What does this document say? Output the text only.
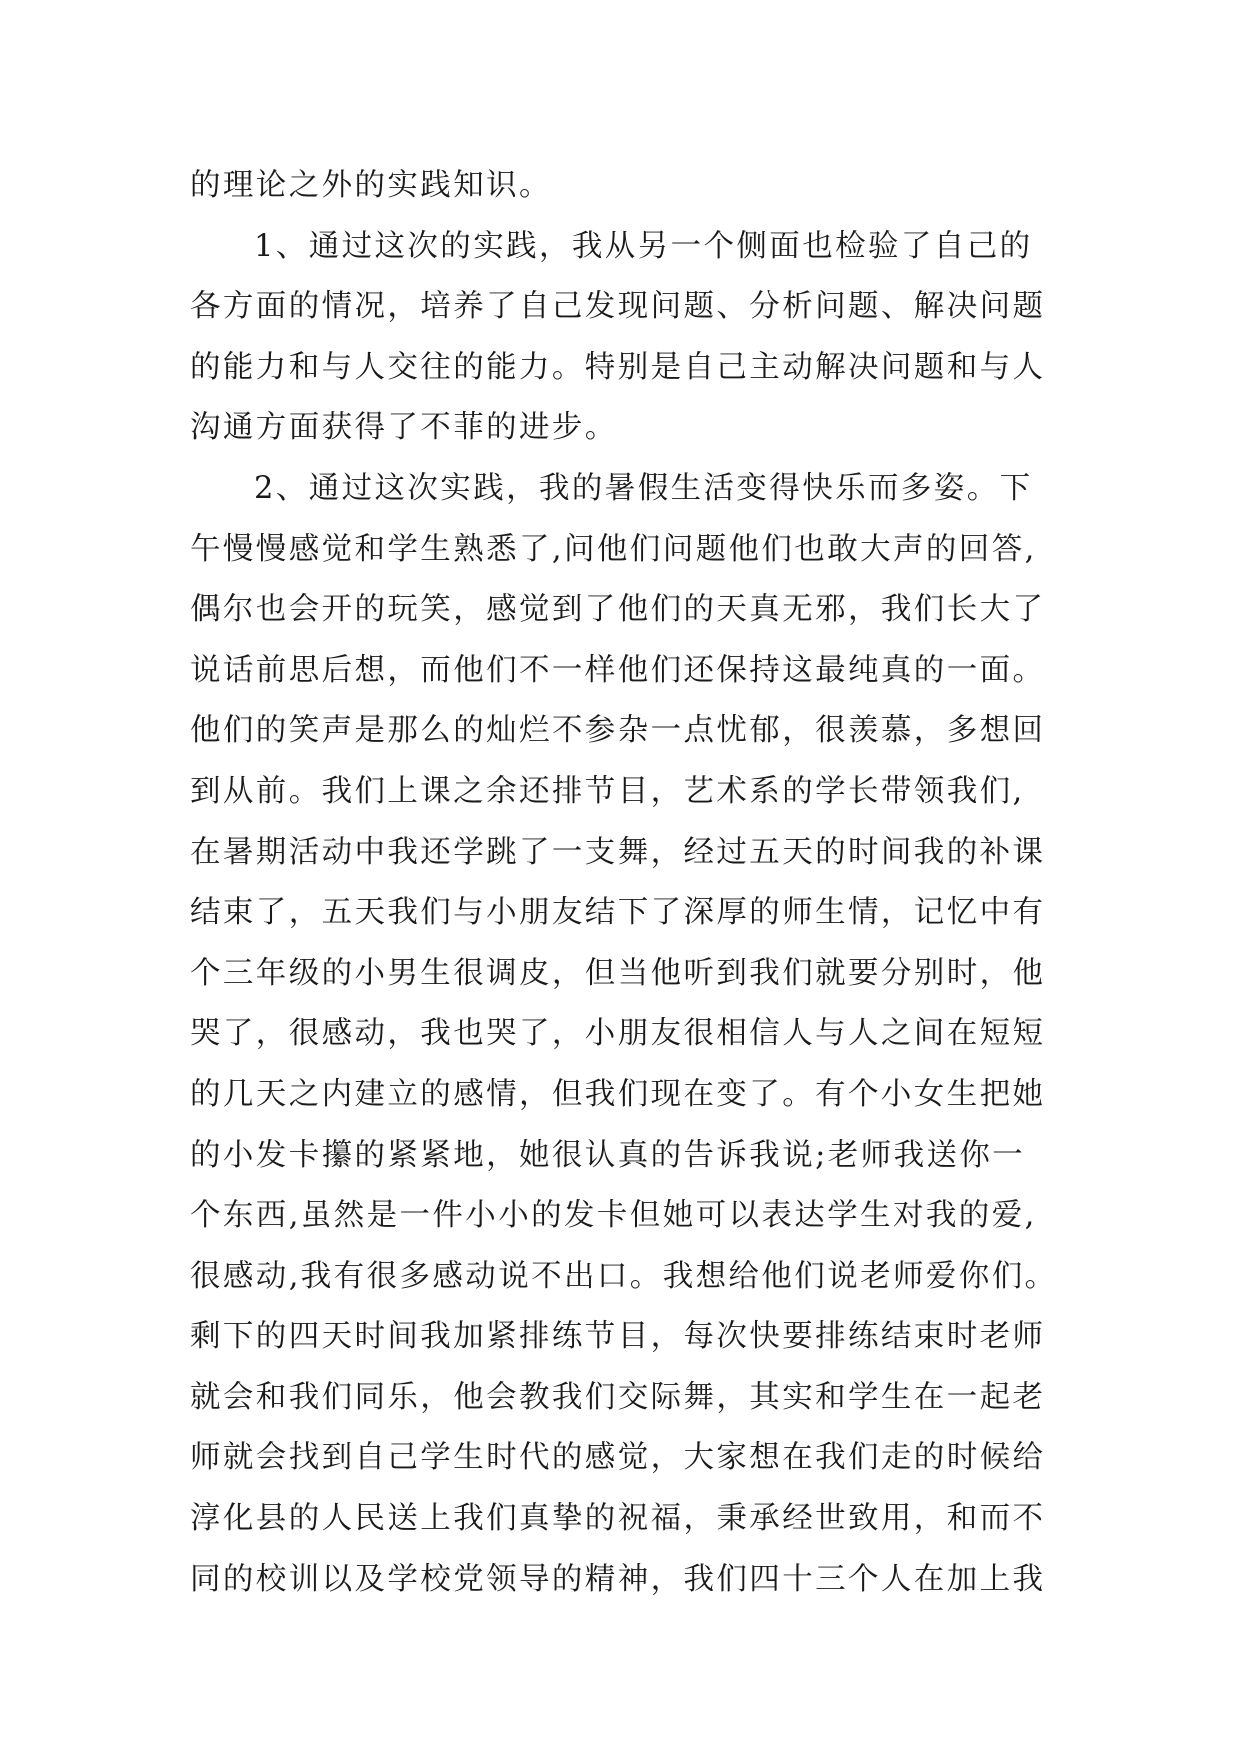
的理论之外的实践知识。
1、通过这次的实践，我从另一个侧面也检验了自己的
各方面的情况，培养了自己发现问题、分析问题、解决问题
的能力和与人交往的能力。特别是自己主动解决问题和与人
沟通方面获得了不菲的进步。
2、通过这次实践，我的暑假生活变得快乐而多姿。下
午慢慢感觉和学生熟悉了,问他们问题他们也敢大声的回答,
偶尔也会开的玩笑，感觉到了他们的天真无邪，我们长大了
说话前思后想，而他们不一样他们还保持这最纯真的一面。
他们的笑声是那么的灿烂不参杂一点忧郁，很羡慕，多想回
到从前。我们上课之余还排节目，艺术系的学长带领我们,
在暑期活动中我还学跳了一支舞，经过五天的时间我的补课
结束了，五天我们与小朋友结下了深厚的师生情，记忆中有
个三年级的小男生很调皮，但当他听到我们就要分别时，他
哭了，很感动，我也哭了，小朋友很相信人与人之间在短短
的几天之内建立的感情，但我们现在变了。有个小女生把她
的小发卡攥的紧紧地，她很认真的告诉我说;老师我送你一
个东西,虽然是一件小小的发卡但她可以表达学生对我的爱,
很感动,我有很多感动说不出口。我想给他们说老师爱你们。
剩下的四天时间我加紧排练节目，每次快要排练结束时老师
就会和我们同乐，他会教我们交际舞，其实和学生在一起老
师就会找到自己学生时代的感觉，大家想在我们走的时候给
淳化县的人民送上我们真挚的祝福，秉承经世致用，和而不
同的校训以及学校党领导的精神，我们四十三个人在加上我
